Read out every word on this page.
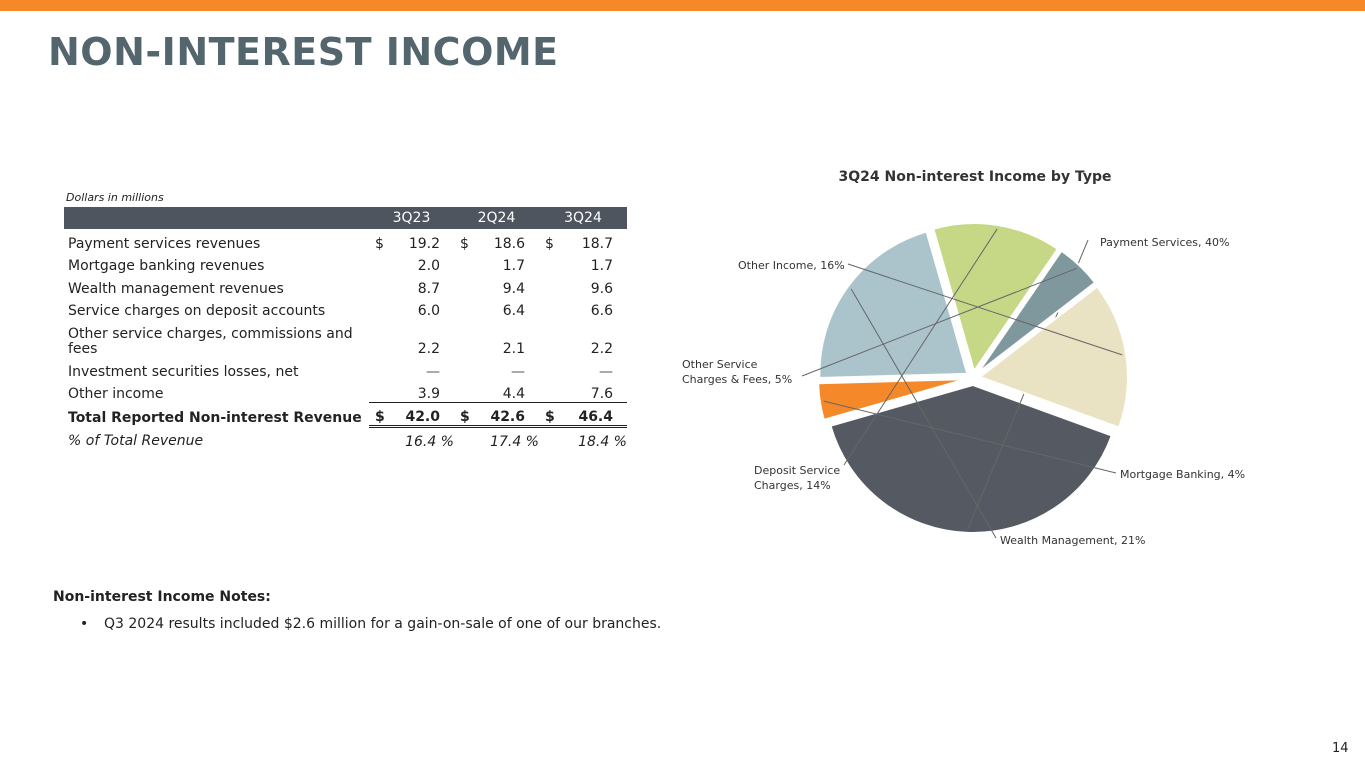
NON-INTEREST INCOME
Dollars in millions
	3Q23		2Q24		3Q24	
Payment services revenues	$	19.2	$	18.6	$	18.7
Mortgage banking revenues		2.0		1.7		1.7
Wealth management revenues		8.7		9.4		9.6
Service charges on deposit accounts		6.0		6.4		6.6
Other service charges, commissions and fees		2.2		2.1		2.2
Investment securities losses, net		—		—		—
Other income		3.9		4.4		7.6
Total Reported Non-interest Revenue	$	42.0	$	42.6	$	46.4
% of Total Revenue	16.4 %		17.4 %		18.4 %	
3Q24 Non-interest Income by Type
Payment Services, 40%
Mortgage Banking, 4%
Wealth Management, 21%
Deposit Service Charges, 14%
Other Service Charges & Fees, 5%
Other Income, 16%
Non-interest Income Notes:
• Q3 2024 results included $2.6 million for a gain-on-sale of one of our branches.
14
